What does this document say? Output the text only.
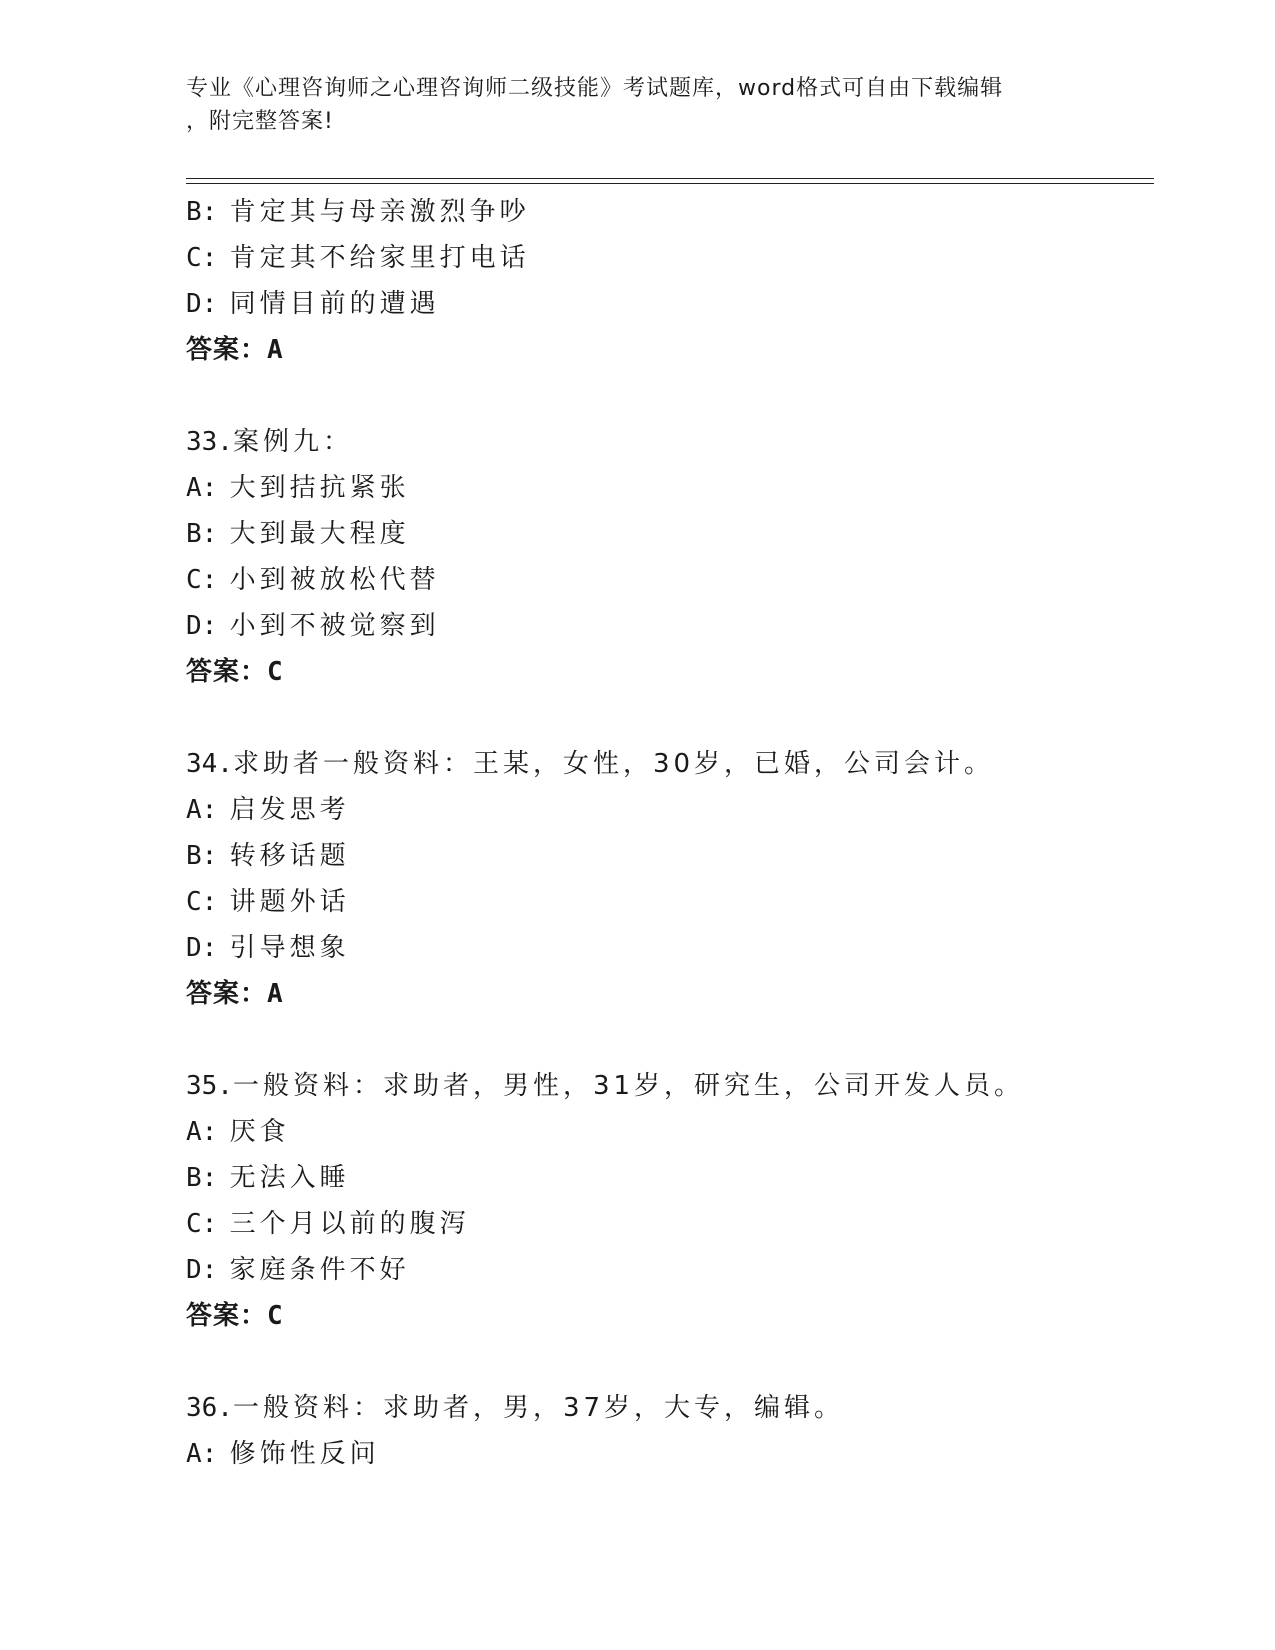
专业《心理咨询师之心理咨询师二级技能》考试题库，word格式可自由下载编辑
，附完整答案!
B: 肯定其与母亲激烈争吵
C: 肯定其不给家里打电话
D: 同情目前的遭遇
答案：A
33.案例九：
A: 大到拮抗紧张
B: 大到最大程度
C: 小到被放松代替
D: 小到不被觉察到
答案：C
34.求助者一般资料：王某，女性，30岁，已婚，公司会计。
A: 启发思考
B: 转移话题
C: 讲题外话
D: 引导想象
答案：A
35.一般资料：求助者，男性，31岁，研究生，公司开发人员。
A: 厌食
B: 无法入睡
C: 三个月以前的腹泻
D: 家庭条件不好
答案：C
36.一般资料：求助者，男，37岁，大专，编辑。
A: 修饰性反问
